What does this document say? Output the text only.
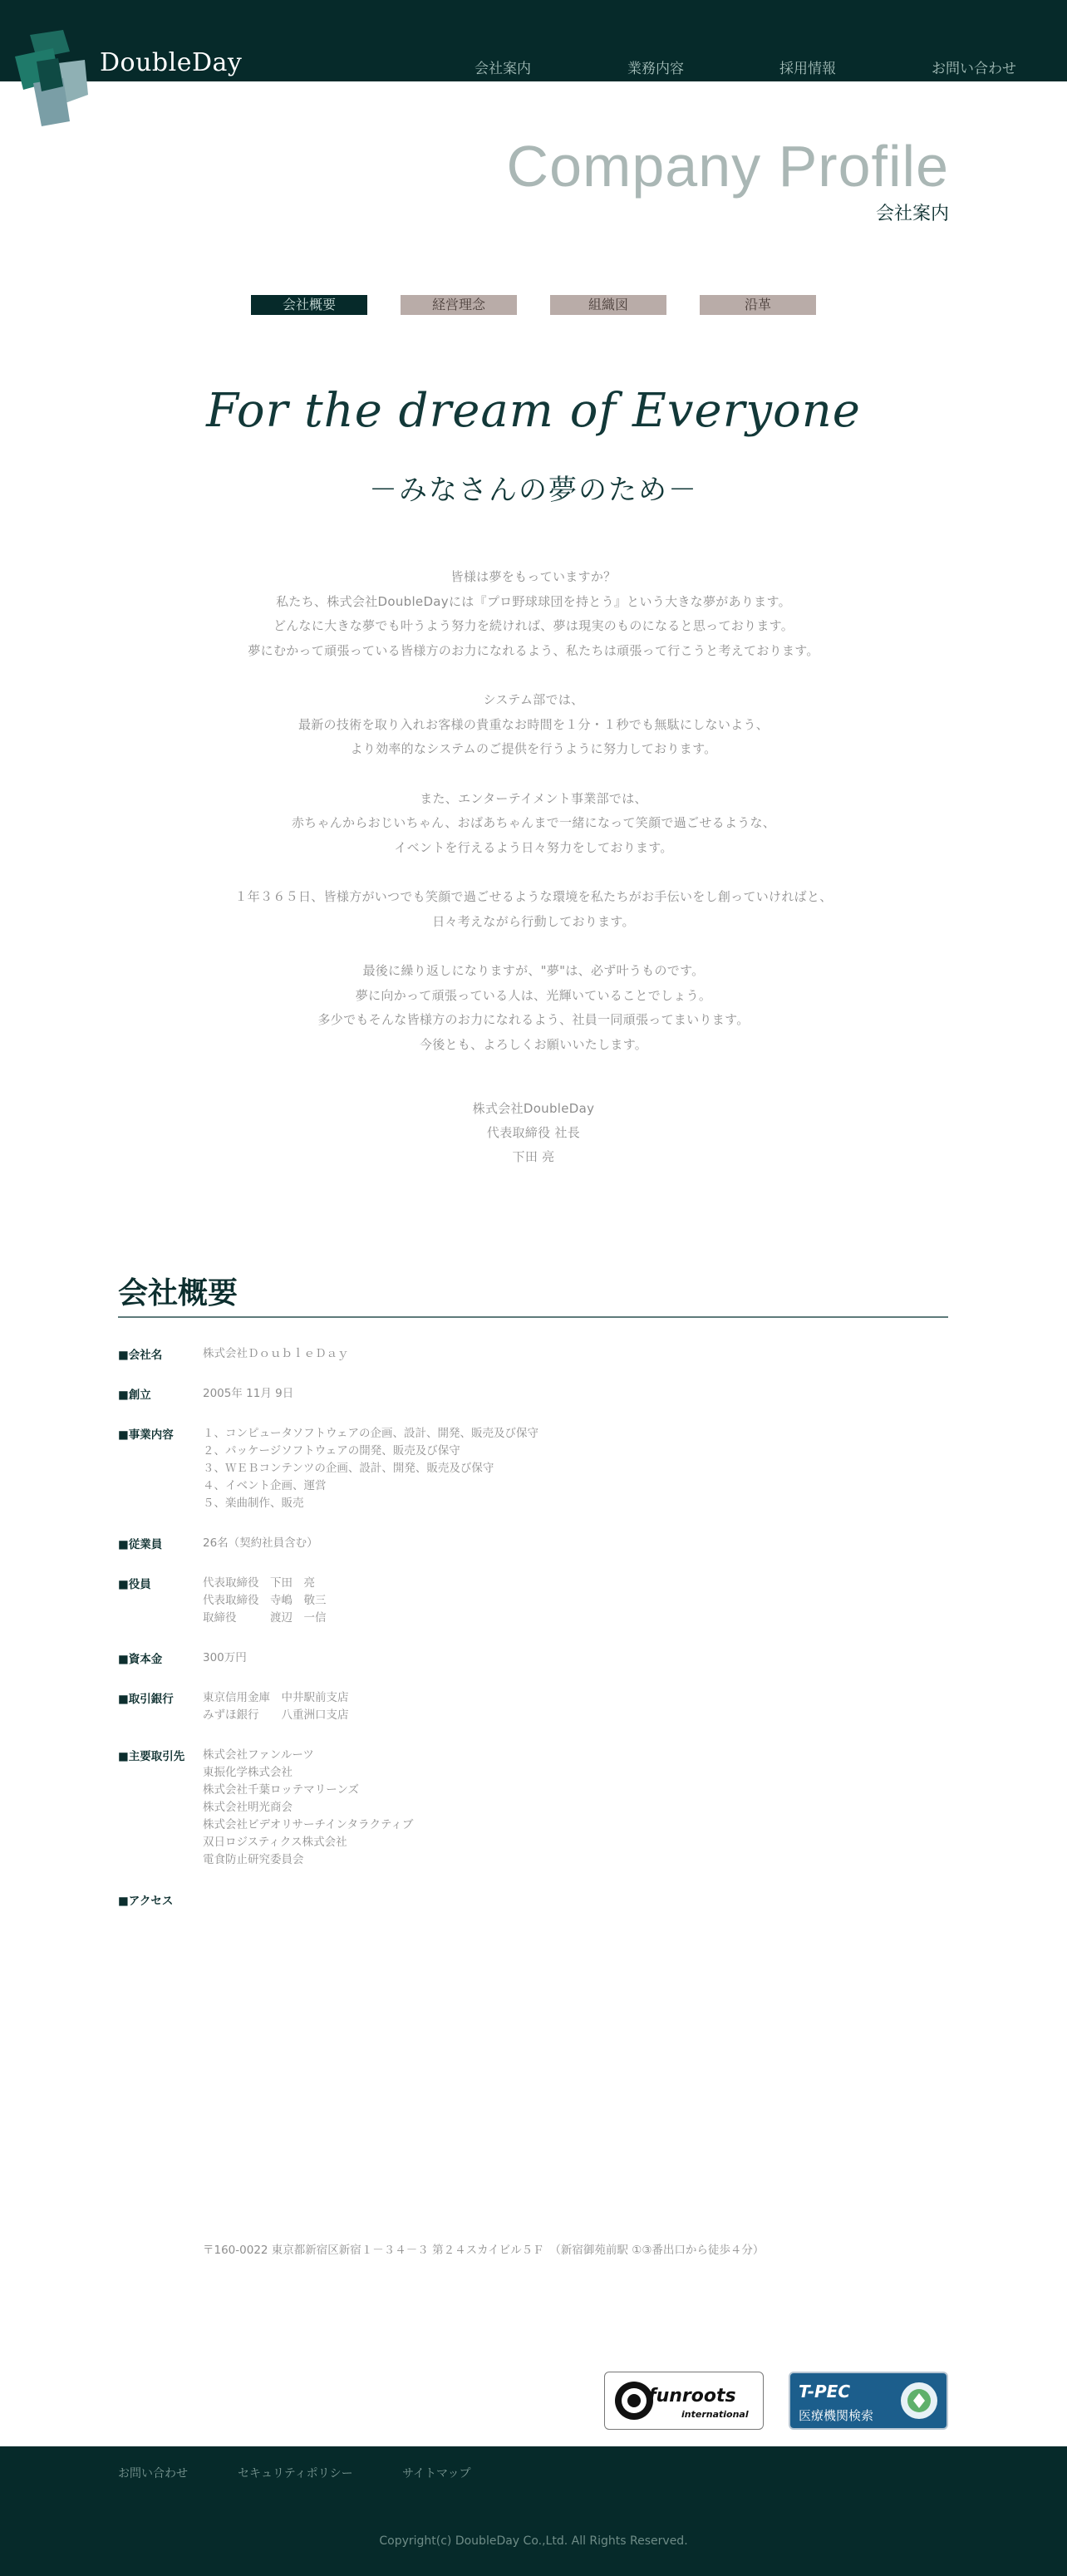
DoubleDay	会社案内	業務内容	採用情報	お問い合わせ
Company Profile
会社案内
会社概要	経営理念	組織図	沿革
For the dream of Everyone
－みなさんの夢のため－
皆様は夢をもっていますか？
私たち、株式会社DoubleDayには『プロ野球球団を持とう』という大きな夢があります。
どんなに大きな夢でも叶うよう努力を続ければ、夢は現実のものになると思っております。
夢にむかって頑張っている皆様方のお力になれるよう、私たちは頑張って行こうと考えております。
システム部では、
最新の技術を取り入れお客様の貴重なお時間を１分・１秒でも無駄にしないよう、
より効率的なシステムのご提供を行うように努力しております。
また、エンターテイメント事業部では、
赤ちゃんからおじいちゃん、おばあちゃんまで一緒になって笑顔で過ごせるような、
イベントを行えるよう日々努力をしております。
１年３６５日、皆様方がいつでも笑顔で過ごせるような環境を私たちがお手伝いをし創っていければと、
日々考えながら行動しております。
最後に繰り返しになりますが、"夢"は、必ず叶うものです。
夢に向かって頑張っている人は、光輝いていることでしょう。
多少でもそんな皆様方のお力になれるよう、社員一同頑張ってまいります。
今後とも、よろしくお願いいたします。
株式会社DoubleDay
代表取締役 社長
下田 亮
会社概要
■会社名	株式会社ＤｏｕｂｌｅＤａｙ
■創立	2005年 11月 9日
■事業内容	１、コンピュータソフトウェアの企画、設計、開発、販売及び保守
２、パッケージソフトウェアの開発、販売及び保守
３、ＷＥＢコンテンツの企画、設計、開発、販売及び保守
４、イベント企画、運営
５、楽曲制作、販売
■従業員	26名（契約社員含む）
■役員	代表取締役　下田　亮
代表取締役　寺嶋　敬三
取締役　　　渡辺　一信
■資本金	300万円
■取引銀行	東京信用金庫　中井駅前支店
みずほ銀行　　八重洲口支店
■主要取引先	株式会社ファンルーツ
東振化学株式会社
株式会社千葉ロッテマリーンズ
株式会社明光商会
株式会社ビデオリサーチインタラクティブ
双日ロジスティクス株式会社
電食防止研究委員会
■アクセス
〒160-0022 東京都新宿区新宿１－３４－３ 第２４スカイビル５Ｆ　（新宿御苑前駅 ①③番出口から徒歩４分）
funroots
international
T-PEC
医療機関検索
お問い合わせ	セキュリティポリシー	サイトマップ
Copyright(c) DoubleDay Co.,Ltd. All Rights Reserved.
